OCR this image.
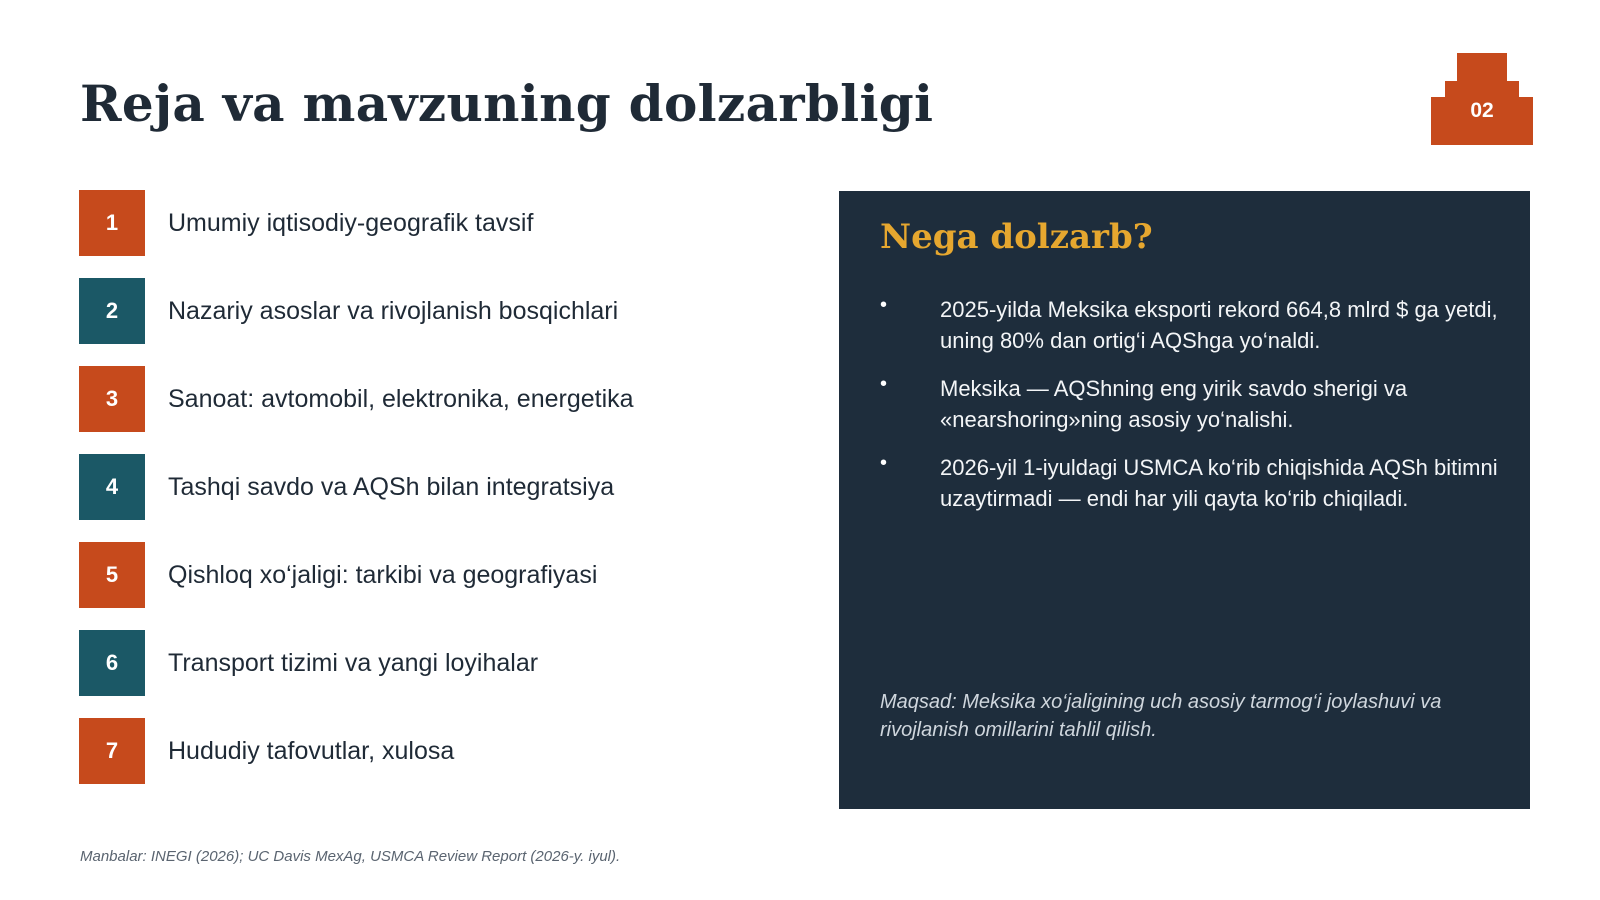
Reja va mavzuning dolzarbligi	02
1	Umumiy iqtisodiy-geografik tavsif
2	Nazariy asoslar va rivojlanish bosqichlari
3	Sanoat: avtomobil, elektronika, energetika
4	Tashqi savdo va AQSh bilan integratsiya
5	Qishloq xo‘jaligi: tarkibi va geografiyasi
6	Transport tizimi va yangi loyihalar
7	Hududiy tafovutlar, xulosa
Nega dolzarb?
• 2025-yilda Meksika eksporti rekord 664,8 mlrd $ ga yetdi, uning 80% dan ortig‘i AQShga yo‘naldi.
• Meksika — AQShning eng yirik savdo sherigi va «nearshoring»ning asosiy yo‘nalishi.
• 2026-yil 1-iyuldagi USMCA ko‘rib chiqishida AQSh bitimni uzaytirmadi — endi har yili qayta ko‘rib chiqiladi.

Maqsad: Meksika xo‘jaligining uch asosiy tarmog‘i joylashuvi va rivojlanish omillarini tahlil qilish.

Manbalar: INEGI (2026); UC Davis MexAg, USMCA Review Report (2026-y. iyul).
